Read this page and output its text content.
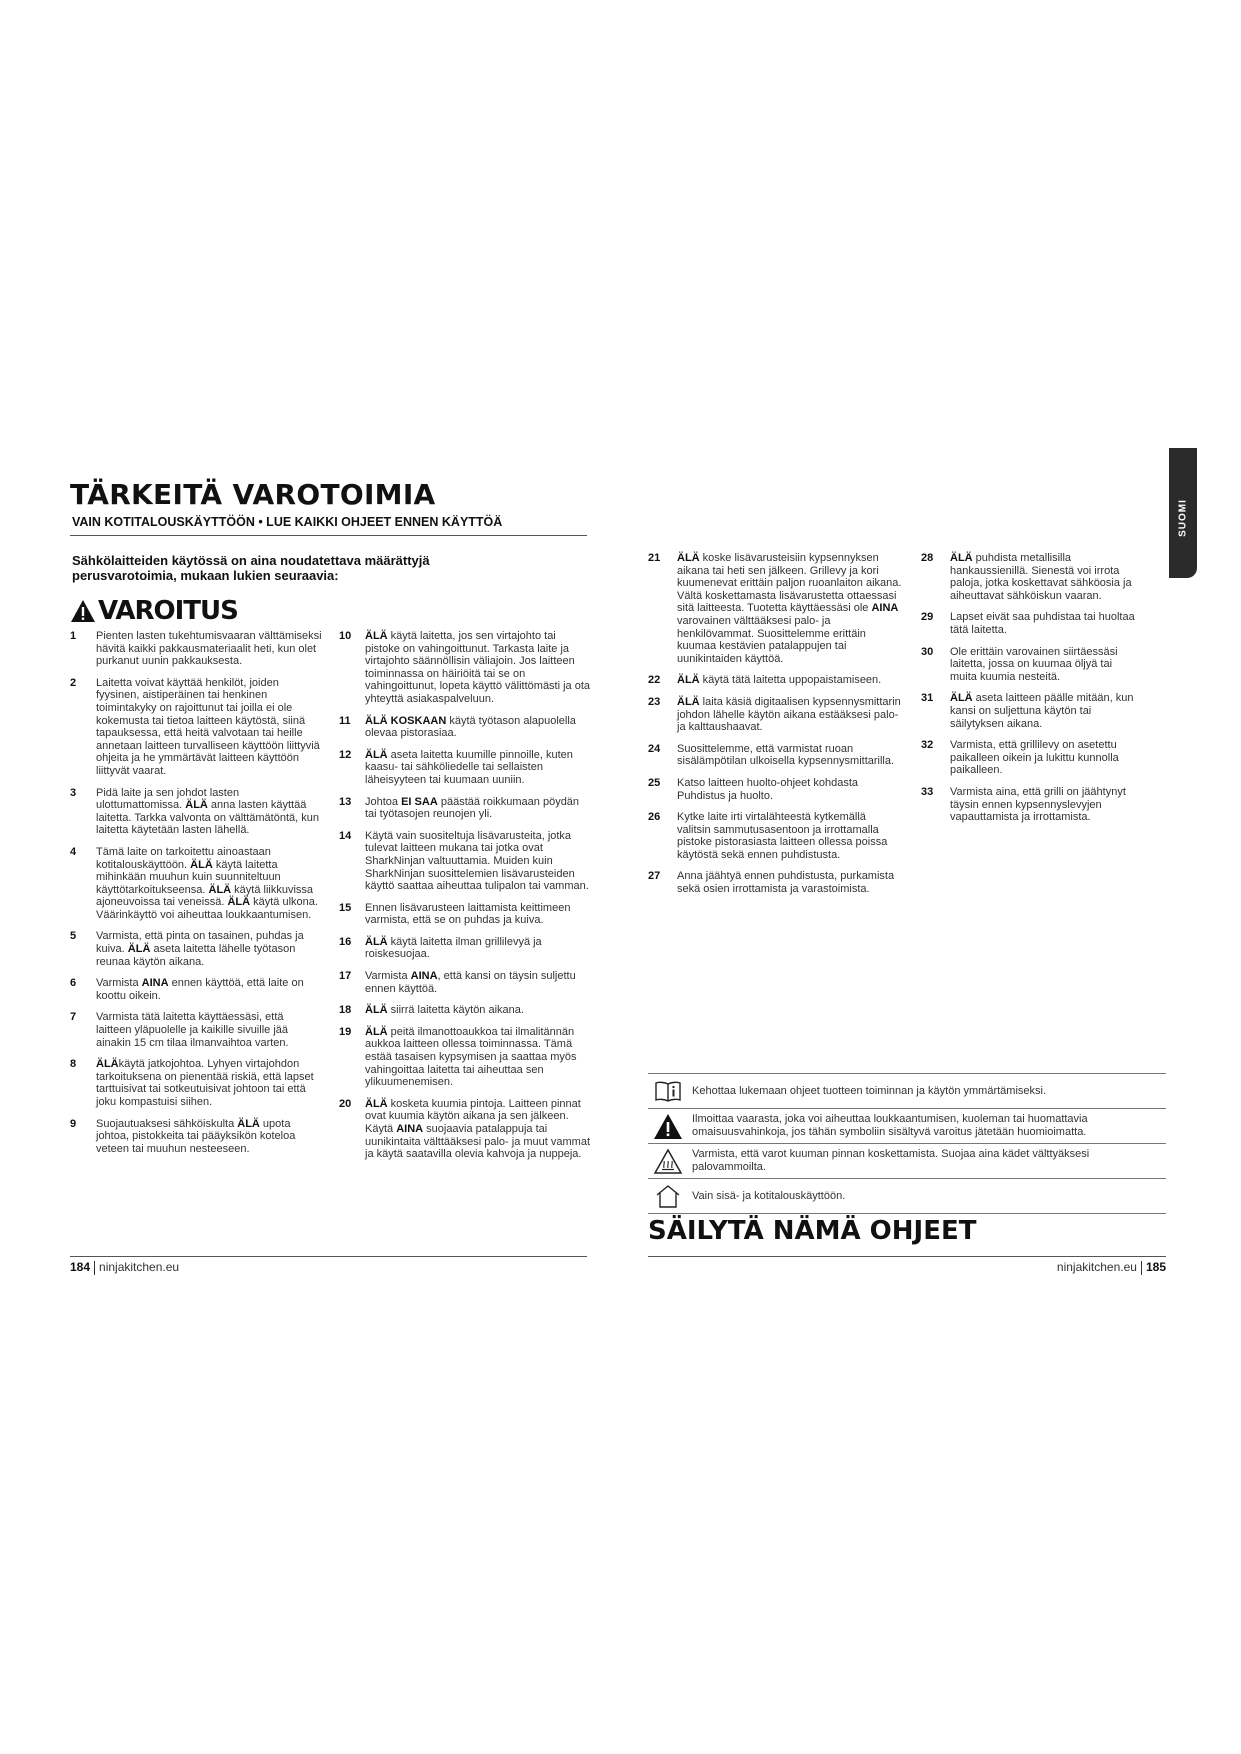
TÄRKEITÄ VAROTOIMIA

VAIN KOTITALOUSKÄYTTÖÖN • LUE KAIKKI OHJEET ENNEN KÄYTTÖÄ

Sähkölaitteiden käytössä on aina noudatettava määrättyjä perusvarotoimia, mukaan lukien seuraavia:

VAROITUS
SUOMI
1	Pienten lasten tukehtumisvaaran välttämiseksi hävitä kaikki pakkausmateriaalit heti, kun olet purkanut uunin pakkauksesta.
2	Laitetta voivat käyttää henkilöt, joiden fyysinen, aistiperäinen tai henkinen toimintakyky on rajoittunut tai joilla ei ole kokemusta tai tietoa laitteen käytöstä, siinä tapauksessa, että heitä valvotaan tai heille annetaan laitteen turvalliseen käyttöön liittyviä ohjeita ja he ymmärtävät laitteen käyttöön liittyvät vaarat.
3	Pidä laite ja sen johdot lasten ulottumattomissa. ÄLÄ anna lasten käyttää laitetta. Tarkka valvonta on välttämätöntä, kun laitetta käytetään lasten lähellä.
4	Tämä laite on tarkoitettu ainoastaan kotitalouskäyttöön. ÄLÄ käytä laitetta mihinkään muuhun kuin suunniteltuun käyttötarkoitukseensa. ÄLÄ käytä liikkuvissa ajoneuvoissa tai veneissä. ÄLÄ käytä ulkona. Väärinkäyttö voi aiheuttaa loukkaantumisen.
5	Varmista, että pinta on tasainen, puhdas ja kuiva. ÄLÄ aseta laitetta lähelle työtason reunaa käytön aikana.
6	Varmista AINA ennen käyttöä, että laite on koottu oikein.
7	Varmista tätä laitetta käyttäessäsi, että laitteen yläpuolelle ja kaikille sivuille jää ainakin 15 cm tilaa ilmanvaihtoa varten.
8	ÄLÄkäytä jatkojohtoa. Lyhyen virtajohdon tarkoituksena on pienentää riskiä, että lapset tarttuisivat tai sotkeutuisivat johtoon tai että joku kompastuisi siihen.
9	Suojautuaksesi sähköiskulta ÄLÄ upota johtoa, pistokkeita tai pääyksikön koteloa veteen tai muuhun nesteeseen.
10	ÄLÄ käytä laitetta, jos sen virtajohto tai pistoke on vahingoittunut. Tarkasta laite ja virtajohto säännöllisin väliajoin. Jos laitteen toiminnassa on häiriöitä tai se on vahingoittunut, lopeta käyttö välittömästi ja ota yhteyttä asiakaspalveluun.
11	ÄLÄ KOSKAAN käytä työtason alapuolella olevaa pistorasiaa.
12	ÄLÄ aseta laitetta kuumille pinnoille, kuten kaasu- tai sähköliedelle tai sellaisten läheisyyteen tai kuumaan uuniin.
13	Johtoa EI SAA päästää roikkumaan pöydän tai työtasojen reunojen yli.
14	Käytä vain suositeltuja lisävarusteita, jotka tulevat laitteen mukana tai jotka ovat SharkNinjan valtuuttamia. Muiden kuin SharkNinjan suosittelemien lisävarusteiden käyttö saattaa aiheuttaa tulipalon tai vamman.
15	Ennen lisävarusteen laittamista keittimeen varmista, että se on puhdas ja kuiva.
16	ÄLÄ käytä laitetta ilman grillilevyä ja roiskesuojaa.
17	Varmista AINA, että kansi on täysin suljettu ennen käyttöä.
18	ÄLÄ siirrä laitetta käytön aikana.
19	ÄLÄ peitä ilmanottoaukkoa tai ilmalitännän aukkoa laitteen ollessa toiminnassa. Tämä estää tasaisen kypsymisen ja saattaa myös vahingoittaa laitetta tai aiheuttaa sen ylikuumenemisen.
20	ÄLÄ kosketa kuumia pintoja. Laitteen pinnat ovat kuumia käytön aikana ja sen jälkeen. Käytä AINA suojaavia patalappuja tai uunikintaita välttääksesi palo- ja muut vammat ja käytä saatavilla olevia kahvoja ja nuppeja.
21	ÄLÄ koske lisävarusteisiin kypsennyksen aikana tai heti sen jälkeen. Grillevy ja kori kuumenevat erittäin paljon ruoanlaiton aikana. Vältä koskettamasta lisävarustetta ottaessasi sitä laitteesta. Tuotetta käyttäessäsi ole AINA varovainen välttääksesi palo- ja henkilövammat. Suosittelemme erittäin kuumaa kestävien patalappujen tai uunikintaiden käyttöä.
22	ÄLÄ käytä tätä laitetta uppopaistamiseen.
23	ÄLÄ laita käsiä digitaalisen kypsennysmittarin johdon lähelle käytön aikana estääksesi palo- ja kalttaushaavat.
24	Suosittelemme, että varmistat ruoan sisälämpötilan ulkoisella kypsennysmittarilla.
25	Katso laitteen huolto-ohjeet kohdasta Puhdistus ja huolto.
26	Kytke laite irti virtalähteestä kytkemällä valitsin sammutusasentoon ja irrottamalla pistoke pistorasiasta laitteen ollessa poissa käytöstä sekä ennen puhdistusta.
27	Anna jäähtyä ennen puhdistusta, purkamista sekä osien irrottamista ja varastoimista.
28	ÄLÄ puhdista metallisilla hankaussienillä. Sienestä voi irrota paloja, jotka koskettavat sähköosia ja aiheuttavat sähköiskun vaaran.
29	Lapset eivät saa puhdistaa tai huoltaa tätä laitetta.
30	Ole erittäin varovainen siirtäessäsi laitetta, jossa on kuumaa öljyä tai muita kuumia nesteitä.
31	ÄLÄ aseta laitteen päälle mitään, kun kansi on suljettuna käytön tai säilytyksen aikana.
32	Varmista, että grillilevy on asetettu paikalleen oikein ja lukittu kunnolla paikalleen.
33	Varmista aina, että grilli on jäähtynyt täysin ennen kypsennyslevyjen vapauttamista ja irrottamista.
Kehottaa lukemaan ohjeet tuotteen toiminnan ja käytön ymmärtämiseksi.
Ilmoittaa vaarasta, joka voi aiheuttaa loukkaantumisen, kuoleman tai huomattavia omaisuusvahinkoja, jos tähän symboliin sisältyvä varoitus jätetään huomioimatta.
Varmista, että varot kuuman pinnan koskettamista. Suojaa aina kädet välttyäksesi palovammoilta.
Vain sisä- ja kotitalouskäyttöön.
SÄILYTÄ NÄMÄ OHJEET
184 ninjakitchen.eu	ninjakitchen.eu 185
